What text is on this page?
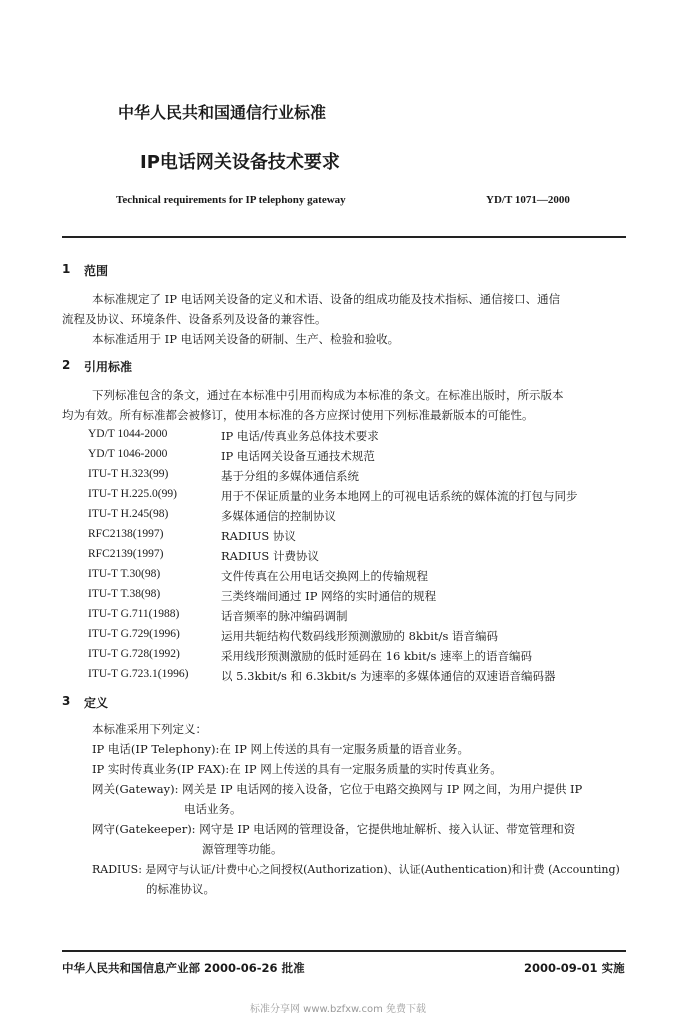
中华人民共和国通信行业标准
IP电话网关设备技术要求
Technical requirements for IP telephony gateway	YD/T 1071—2000
1 范围
本标准规定了 IP 电话网关设备的定义和术语、设备的组成功能及技术指标、通信接口、通信
流程及协议、环境条件、设备系列及设备的兼容性。
本标准适用于 IP 电话网关设备的研制、生产、检验和验收。
2 引用标准
下列标准包含的条文，通过在本标准中引用而构成为本标准的条文。在标准出版时，所示版本
均为有效。所有标准都会被修订，使用本标准的各方应探讨使用下列标准最新版本的可能性。
YD/T 1044-2000	IP 电话/传真业务总体技术要求
YD/T 1046-2000	IP 电话网关设备互通技术规范
ITU-T H.323(99)	基于分组的多媒体通信系统
ITU-T H.225.0(99)	用于不保证质量的业务本地网上的可视电话系统的媒体流的打包与同步
ITU-T H.245(98)	多媒体通信的控制协议
RFC2138(1997)	RADIUS 协议
RFC2139(1997)	RADIUS 计费协议
ITU-T T.30(98)	文件传真在公用电话交换网上的传输规程
ITU-T T.38(98)	三类终端间通过 IP 网络的实时通信的规程
ITU-T G.711(1988)	话音频率的脉冲编码调制
ITU-T G.729(1996)	运用共轭结构代数码线形预测激励的 8kbit/s 语音编码
ITU-T G.728(1992)	采用线形预测激励的低时延码在 16 kbit/s 速率上的语音编码
ITU-T G.723.1(1996)	以 5.3kbit/s 和 6.3kbit/s 为速率的多媒体通信的双速语音编码器
3 定义
本标准采用下列定义：
IP 电话(IP Telephony):在 IP 网上传送的具有一定服务质量的语音业务。
IP 实时传真业务(IP FAX):在 IP 网上传送的具有一定服务质量的实时传真业务。
网关(Gateway): 网关是 IP 电话网的接入设备，它位于电路交换网与 IP 网之间，为用户提供 IP
电话业务。
网守(Gatekeeper): 网守是 IP 电话网的管理设备，它提供地址解析、接入认证、带宽管理和资
源管理等功能。
RADIUS: 是网守与认证/计费中心之间授权(Authorization)、认证(Authentication)和计费 (Accounting)
的标准协议。
中华人民共和国信息产业部 2000-06-26 批准	2000-09-01 实施
标准分享网 www.bzfxw.com 免费下载
